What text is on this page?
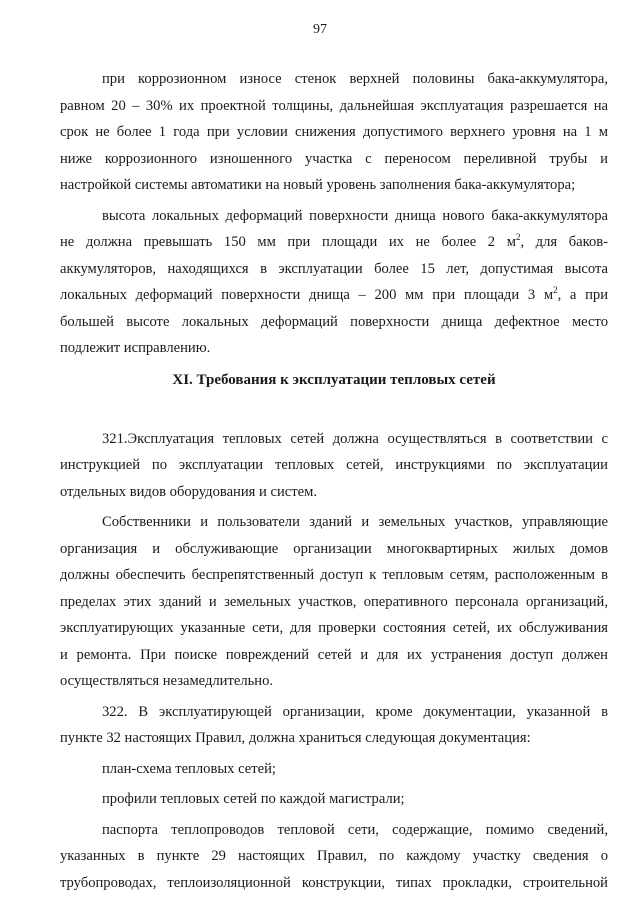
97

при коррозионном износе стенок верхней половины бака-аккумулятора,

равном 20 – 30% их проектной толщины, дальнейшая эксплуатация разрешается на

срок не более 1 года при условии снижения допустимого верхнего уровня на 1 м

ниже коррозионного изношенного участка с переносом переливной трубы и

настройкой системы автоматики на новый уровень заполнения бака-аккумулятора;

высота локальных деформаций поверхности днища нового бака-аккумулятора

не должна превышать 150 мм при площади их не более 2 $м^2$, для баков-

аккумуляторов, находящихся в эксплуатации более 15 лет, допустимая высота

локальных деформаций поверхности днища – 200 мм при площади 3 $м^2$, а при

большей высоте локальных деформаций поверхности днища дефектное место

подлежит исправлению.

XI. Требования к эксплуатации тепловых сетей

321.Эксплуатация тепловых сетей должна осуществляться в соответствии с

инструкцией по эксплуатации тепловых сетей, инструкциями по эксплуатации

отдельных видов оборудования и систем.

Собственники и пользователи зданий и земельных участков, управляющие

организация и обслуживающие организации многоквартирных жилых домов

должны обеспечить беспрепятственный доступ к тепловым сетям, расположенным в

пределах этих зданий и земельных участков, оперативного персонала организаций,

эксплуатирующих указанные сети, для проверки состояния сетей, их обслуживания

и ремонта. При поиске повреждений сетей и для их устранения доступ должен

осуществляться незамедлительно.

322. В эксплуатирующей организации, кроме документации, указанной в

пункте 32 настоящих Правил, должна храниться следующая документация:

план-схема тепловых сетей;

профили тепловых сетей по каждой магистрали;

паспорта теплопроводов тепловой сети, содержащие, помимо сведений,

указанных в пункте 29 настоящих Правил, по каждому участку сведения о

трубопроводах, теплоизоляционной конструкции, типах прокладки, строительной
